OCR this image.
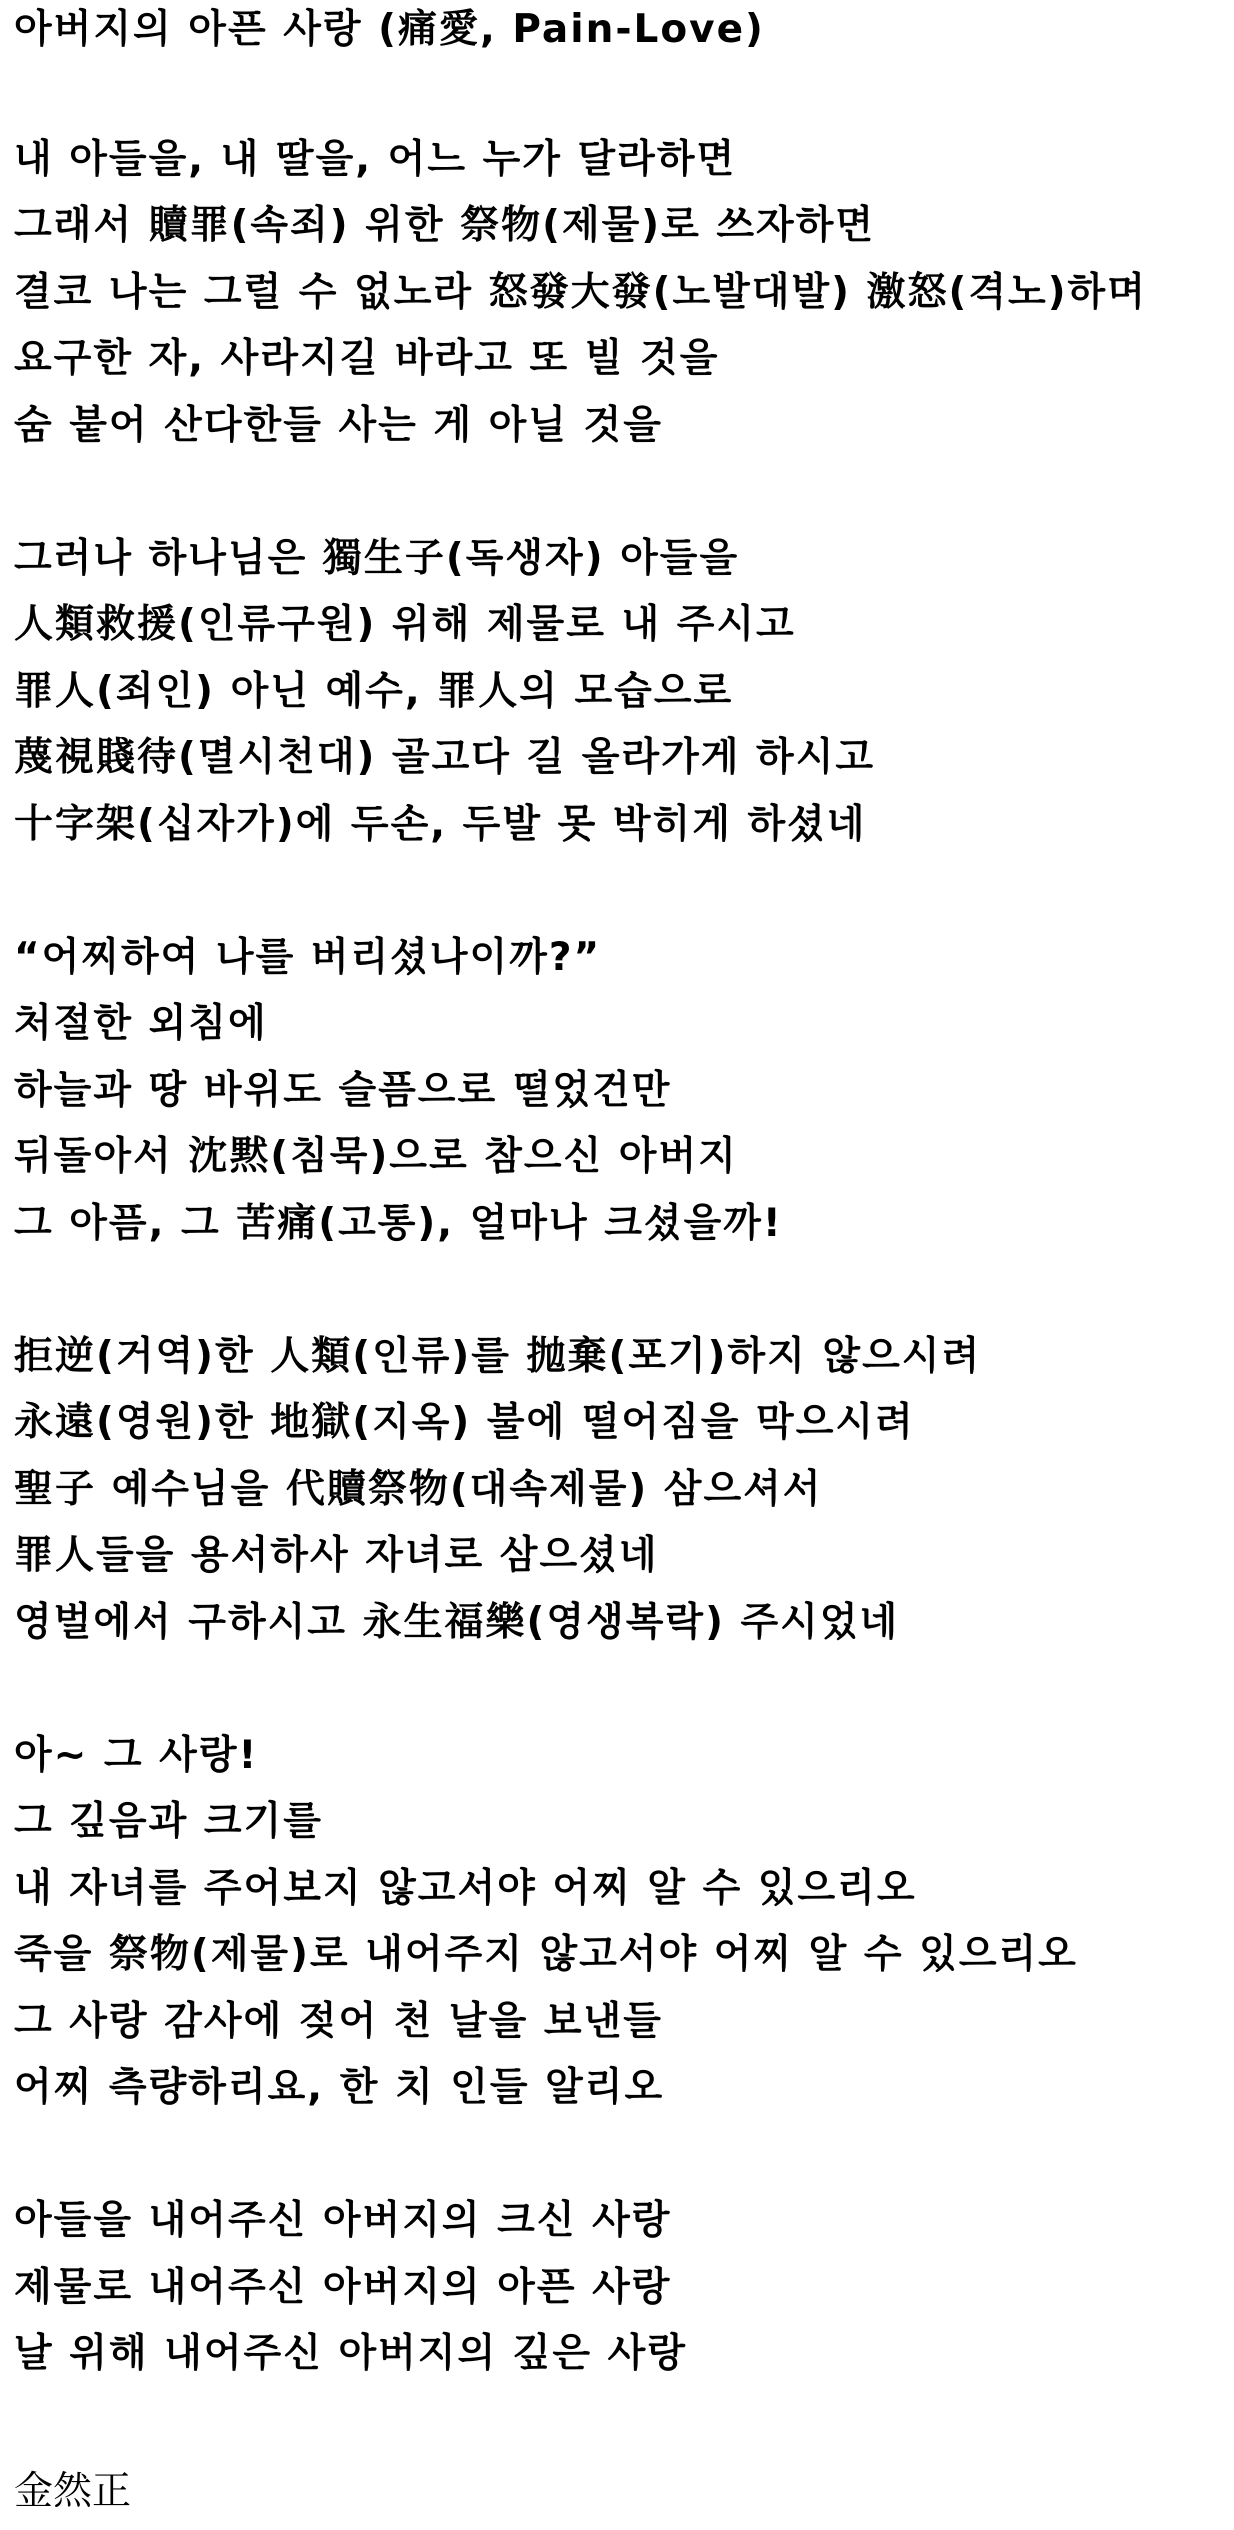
아버지의 아픈 사랑 (痛愛, Pain-Love)
내 아들을, 내 딸을, 어느 누가 달라하면
그래서 贖罪(속죄) 위한 祭物(제물)로 쓰자하면
결코 나는 그럴 수 없노라 怒發大發(노발대발) 激怒(격노)하며
요구한 자, 사라지길 바라고 또 빌 것을
숨 붙어 산다한들 사는 게 아닐 것을
그러나 하나님은 獨生子(독생자) 아들을
人類救援(인류구원) 위해 제물로 내 주시고
罪人(죄인) 아닌 예수, 罪人의 모습으로
蔑視賤待(멸시천대) 골고다 길 올라가게 하시고
十字架(십자가)에 두손, 두발 못 박히게 하셨네
“어찌하여 나를 버리셨나이까?”
처절한 외침에
하늘과 땅 바위도 슬픔으로 떨었건만
뒤돌아서 沈黙(침묵)으로 참으신 아버지
그 아픔, 그 苦痛(고통), 얼마나 크셨을까!
拒逆(거역)한 人類(인류)를 抛棄(포기)하지 않으시려
永遠(영원)한 地獄(지옥) 불에 떨어짐을 막으시려
聖子 예수님을 代贖祭物(대속제물) 삼으셔서
罪人들을 용서하사 자녀로 삼으셨네
영벌에서 구하시고 永生福樂(영생복락) 주시었네
아~ 그 사랑!
그 깊음과 크기를
내 자녀를 주어보지 않고서야 어찌 알 수 있으리오
죽을 祭物(제물)로 내어주지 않고서야 어찌 알 수 있으리오
그 사랑 감사에 젖어 천 날을 보낸들
어찌 측량하리요, 한 치 인들 알리오
아들을 내어주신 아버지의 크신 사랑
제물로 내어주신 아버지의 아픈 사랑
날 위해 내어주신 아버지의 깊은 사랑
金然正
